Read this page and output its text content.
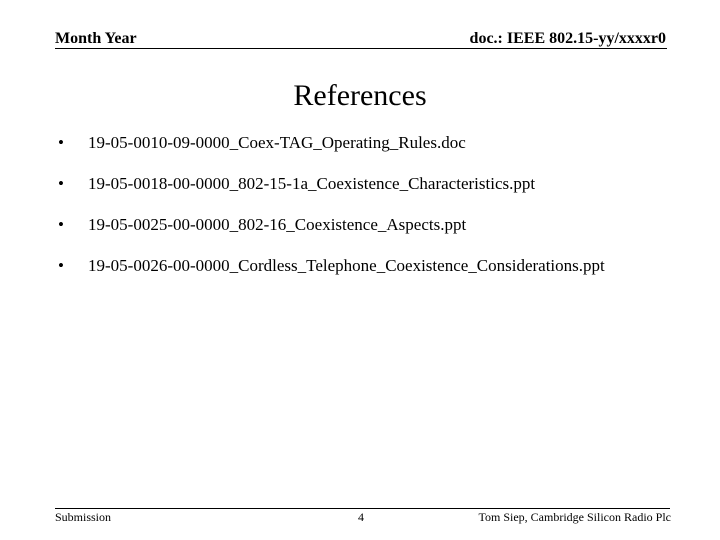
Month Year	doc.: IEEE 802.15-yy/xxxxr0
References
• 19-05-0010-09-0000_Coex-TAG_Operating_Rules.doc
• 19-05-0018-00-0000_802-15-1a_Coexistence_Characteristics.ppt
• 19-05-0025-00-0000_802-16_Coexistence_Aspects.ppt
• 19-05-0026-00-0000_Cordless_Telephone_Coexistence_Considerations.ppt
Submission	4	Tom Siep, Cambridge Silicon Radio Plc
